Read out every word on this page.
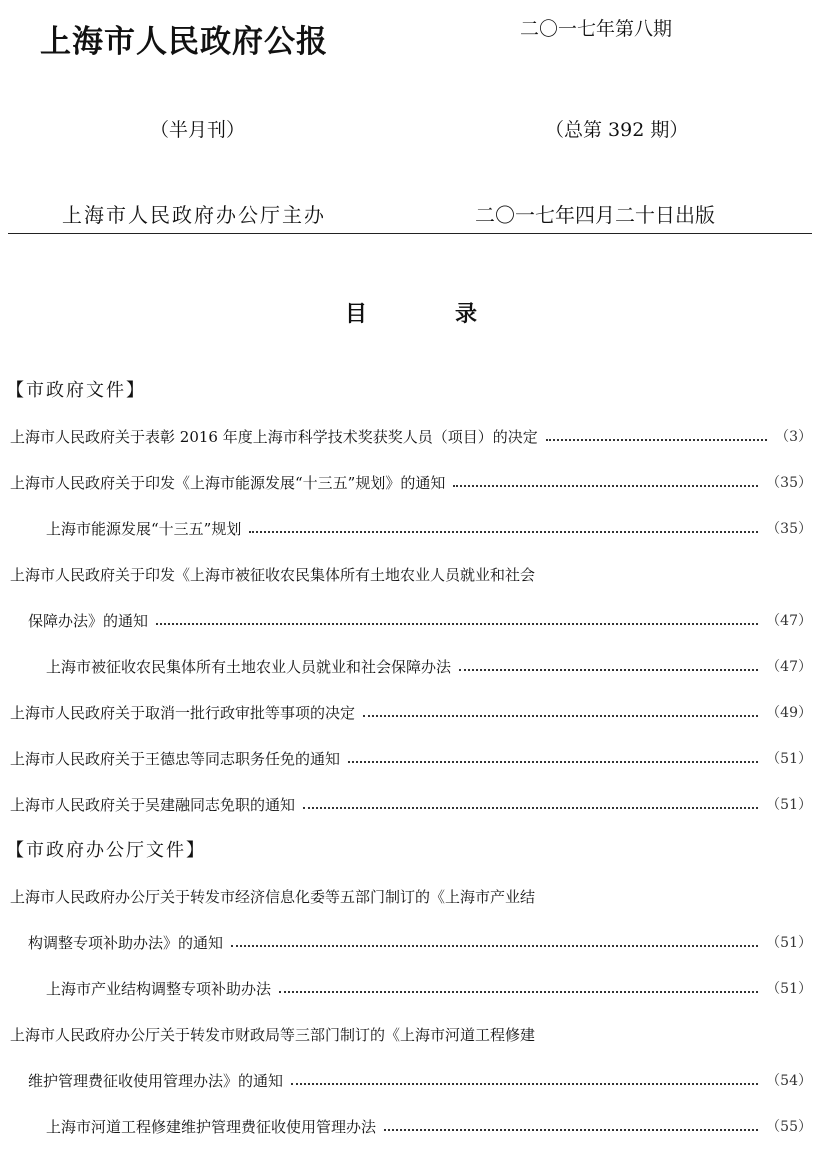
上海市人民政府公报	二〇一七年第八期
（半月刊）	（总第 392 期）
上海市人民政府办公厅主办	二〇一七年四月二十日出版
目	录
【市政府文件】
上海市人民政府关于表彰 2016 年度上海市科学技术奖获奖人员（项目）的决定	（3）
上海市人民政府关于印发《上海市能源发展“十三五”规划》的通知	（35）
上海市能源发展“十三五”规划	（35）
上海市人民政府关于印发《上海市被征收农民集体所有土地农业人员就业和社会
保障办法》的通知	（47）
上海市被征收农民集体所有土地农业人员就业和社会保障办法	（47）
上海市人民政府关于取消一批行政审批等事项的决定	（49）
上海市人民政府关于王德忠等同志职务任免的通知	（51）
上海市人民政府关于吴建融同志免职的通知	（51）
【市政府办公厅文件】
上海市人民政府办公厅关于转发市经济信息化委等五部门制订的《上海市产业结
构调整专项补助办法》的通知	（51）
上海市产业结构调整专项补助办法	（51）
上海市人民政府办公厅关于转发市财政局等三部门制订的《上海市河道工程修建
维护管理费征收使用管理办法》的通知	（54）
上海市河道工程修建维护管理费征收使用管理办法	（55）
